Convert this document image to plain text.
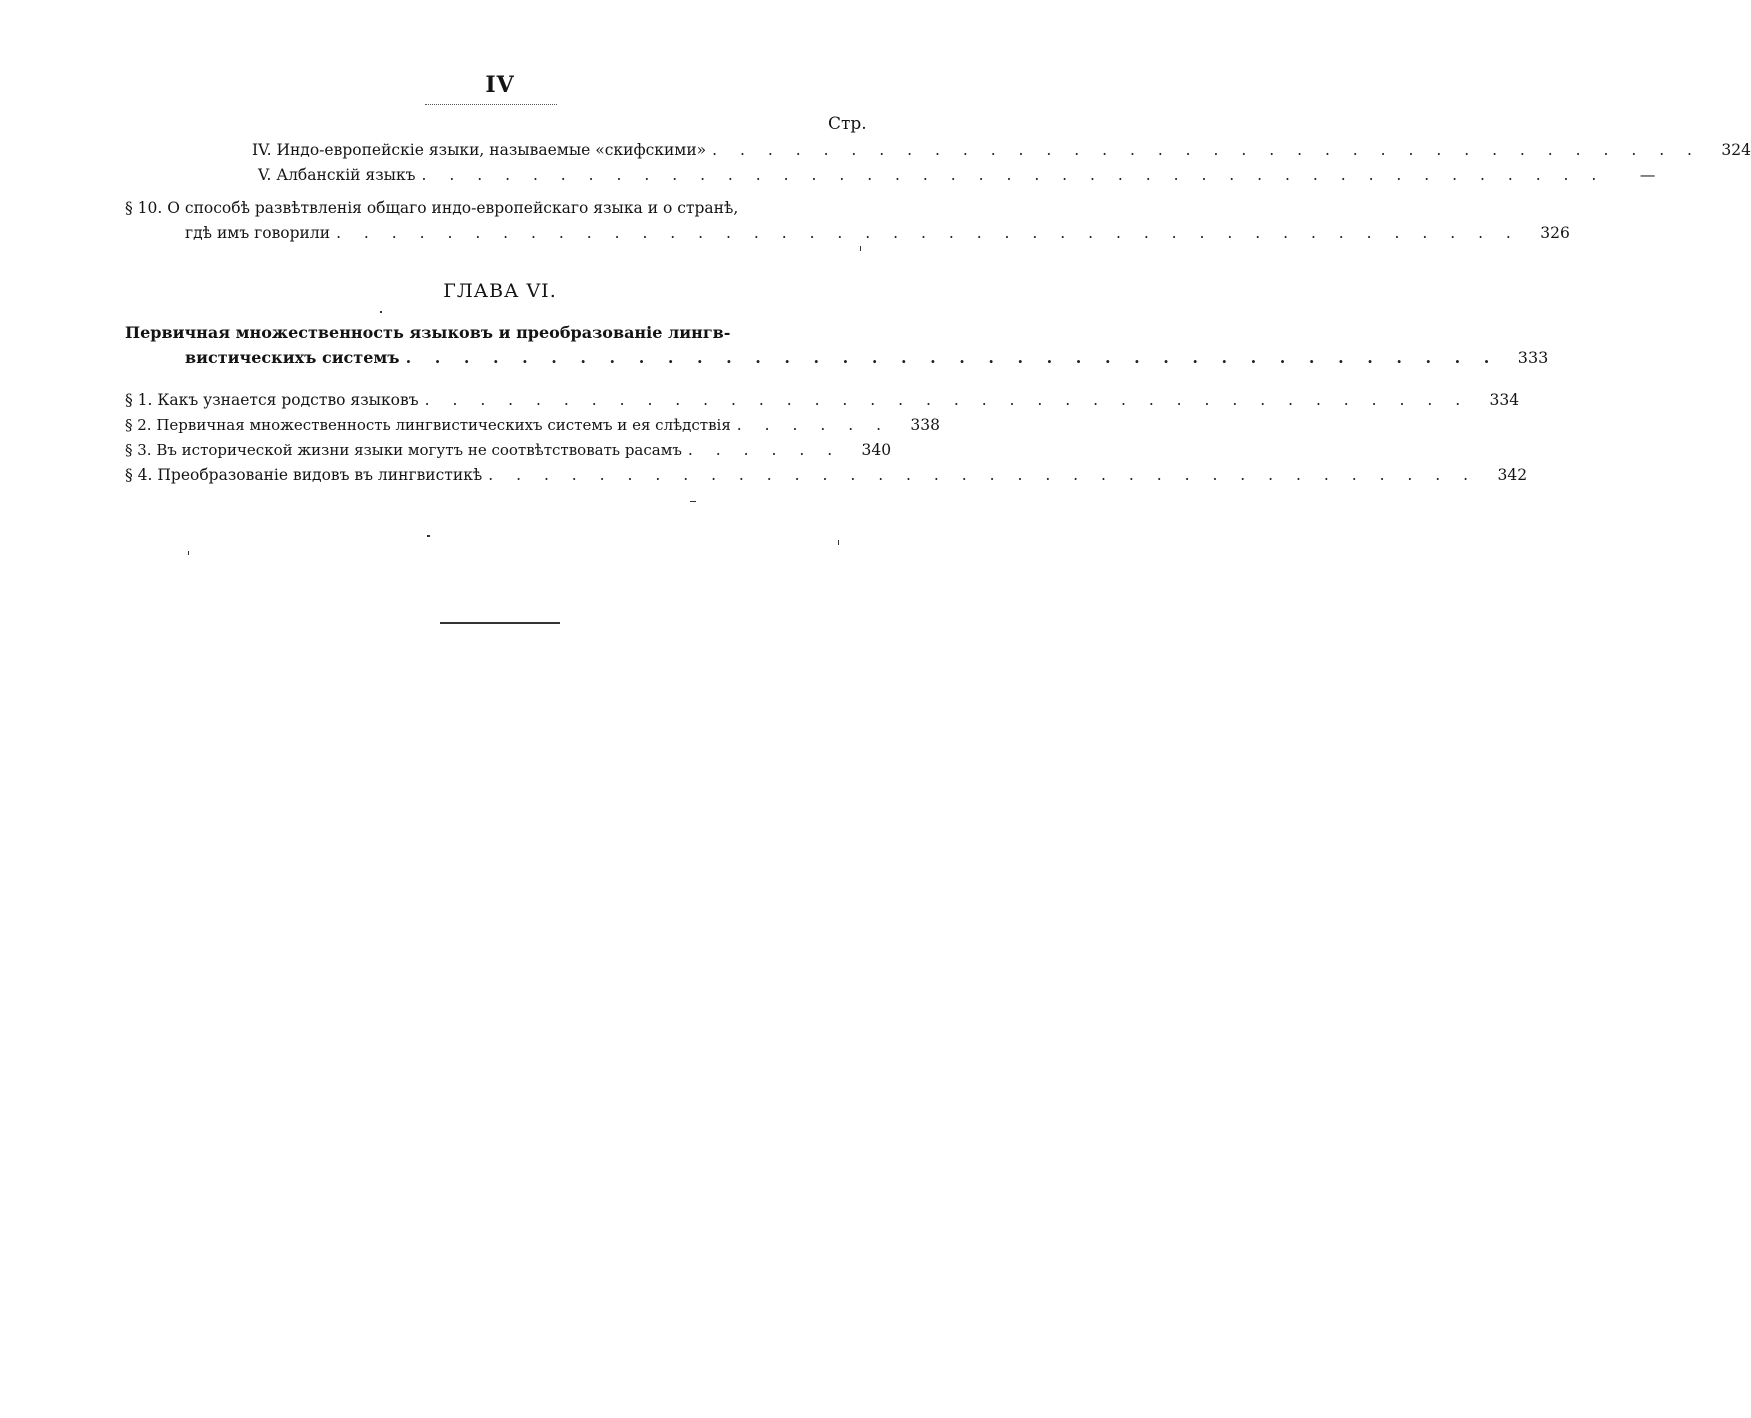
IV
Стр.
IV. Индо-европейскіе языки, называемые «скифскими» . . . . . . . . . . . . . . . . . . . . . . . . . . . . . . . . . . . .	324
V. Албанскій языкъ . . . . . . . . . . . . . . . . . . . . . . . . . . . . . . . . . . . . . . . . . . .	—
§ 10. О способѣ развѣтвленія общаго индо-европейскаго языка и о странѣ,
гдѣ имъ говорили . . . . . . . . . . . . . . . . . . . . . . . . . . . . . . . . . . . . . . . . . . .	326
ГЛАВА VI.
Первичная множественность языковъ и преобразованіе лингв-
вистическихъ системъ . . . . . . . . . . . . . . . . . . . . . . . . . . . . . . . . . . . . . .	333
§ 1. Какъ узнается родство языковъ . . . . . . . . . . . . . . . . . . . . . . . . . . . . . . . . . . . . . .	334
§ 2. Первичная множественность лингвистическихъ системъ и ея слѣдствія . . . . . .	338
§ 3. Въ исторической жизни языки могутъ не соотвѣтствовать расамъ . . . . . .	340
§ 4. Преобразованіе видовъ въ лингвистикѣ . . . . . . . . . . . . . . . . . . . . . . . . . . . . . . . . . . . .	342
